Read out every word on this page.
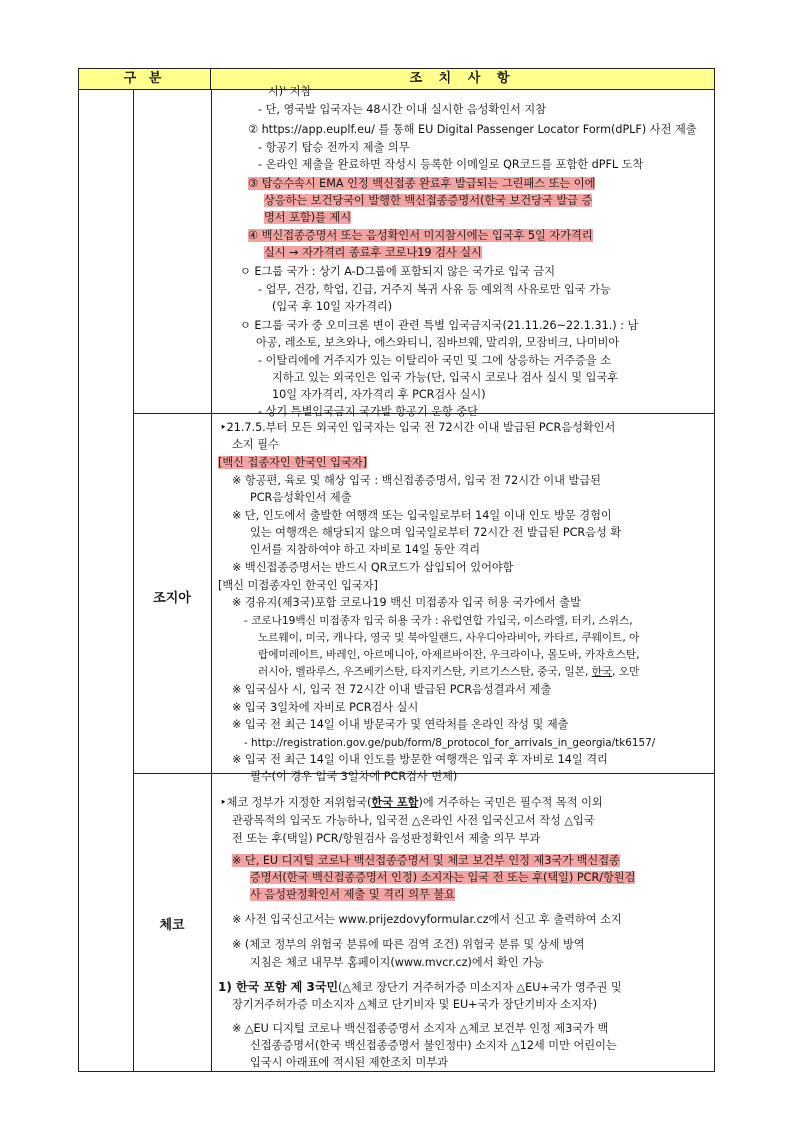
구 분	조 치 사 항
조지아
체코
시)' 지참
- 단, 영국발 입국자는 48시간 이내 실시한 음성확인서 지참
② https://app.euplf.eu/ 를 통해 EU Digital Passenger Locator Form(dPLF) 사전 제출
- 항공기 탑승 전까지 제출 의무
- 온라인 제출을 완료하면 작성시 등록한 이메일로 QR코드를 포함한 dPFL 도착
③ 탑승수속시 EMA 인정 백신접종 완료후 발급되는 그린패스 또는 이에
상응하는 보건당국이 발행한 백신접종증명서(한국 보건당국 발급 증
명서 포함)를 제시
④ 백신접종증명서 또는 음성확인서 미지참시에는 입국후 5일 자가격리
실시 → 자가격리 종료후 코로나19 검사 실시
ㅇ E그룹 국가 : 상기 A-D그룹에 포함되지 않은 국가로 입국 금지
- 업무, 건강, 학업, 긴급, 거주지 복귀 사유 등 예외적 사유로만 입국 가능
(입국 후 10일 자가격리)
ㅇ E그룹 국가 중 오미크론 변이 관련 특별 입국금지국(21.11.26~22.1.31.) : 남
아공, 레소토, 보츠와나, 에스와티니, 짐바브웨, 말리위, 모잠비크, 나미비아
- 이탈리에에 거주지가 있는 이탈리아 국민 및 그에 상응하는 거주증을 소
지하고 있는 외국인은 입국 가능(단, 입국시 코로나 검사 실시 및 입국후
10일 자가격리, 자가격리 후 PCR검사 실시)
- 상기 특별입국금지 국가발 항공기 운항 중단
‣21.7.5.부터 모든 외국인 입국자는 입국 전 72시간 이내 발급된 PCR음성확인서
소지 필수
[백신 접종자인 한국인 입국자]
※ 항공편, 육로 및 해상 입국 : 백신접종증명서, 입국 전 72시간 이내 발급된
PCR음성확인서 제출
※ 단, 인도에서 출발한 여행객 또는 입국일로부터 14일 이내 인도 방문 경험이
있는 여행객은 해당되지 않으며 입국일로부터 72시간 전 발급된 PCR음성 확
인서를 지참하여야 하고 자비로 14일 동안 격리
※ 백신접종증명서는 반드시 QR코드가 삽입되어 있어야함
[백신 미접종자인 한국인 입국자]
※ 경유지(제3국)포함 코로나19 백신 미접종자 입국 허용 국가에서 출발
- 코로나19백신 미접종자 입국 허용 국가 : 유럽연합 가입국, 이스라엘, 터키, 스위스,
노르웨이, 미국, 캐나다, 영국 및 북아일랜드, 사우디아라비아, 카타르, 쿠웨이트, 아
랍에미레이트, 바레인, 아르메니아, 아제르바이잔, 우크라이나, 몰도바, 카자흐스탄,
러시아, 벨라루스, 우즈베키스탄, 타지키스탄, 키르기스스탄, 중국, 일본, 한국, 오만
※ 입국심사 시, 입국 전 72시간 이내 발급된 PCR음성결과서 제출
※ 입국 3일차에 자비로 PCR검사 실시
※ 입국 전 최근 14일 이내 방문국가 및 연락처를 온라인 작성 및 제출
- http://registration.gov.ge/pub/form/8_protocol_for_arrivals_in_georgia/tk6157/
※ 입국 전 최근 14일 이내 인도를 방문한 여행객은 입국 후 자비로 14일 격리
필수(이 경우 입국 3일차에 PCR검사 면제)
‣체코 정부가 지정한 저위험국(한국 포함)에 거주하는 국민은 필수적 목적 이외
관광목적의 입국도 가능하나, 입국전 △온라인 사전 입국신고서 작성 △입국
전 또는 후(택일) PCR/항원검사 음성판정확인서 제출 의무 부과
※ 단, EU 디지털 코로나 백신접종증명서 및 체코 보건부 인정 제3국가 백신접종
증명서(한국 백신접종증명서 인정) 소지자는 입국 전 또는 후(택일) PCR/항원검
사 음성판정확인서 제출 및 격리 의무 불요
※ 사전 입국신고서는 www.prijezdovyformular.cz에서 신고 후 출력하여 소지
※ (체코 정부의 위험국 분류에 따른 검역 조건) 위험국 분류 및 상세 방역
지침은 체코 내무부 홈페이지(www.mvcr.cz)에서 확인 가능
1) 한국 포함 제 3국민(△체코 장단기 거주허가증 미소지자 △EU+국가 영주권 및
장기거주허가증 미소지자 △체코 단기비자 및 EU+국가 장단기비자 소지자)
※ △EU 디지털 코로나 백신접종증명서 소지자 △체코 보건부 인정 제3국가 백
신접종증명서(한국 백신접종증명서 불인정中) 소지자 △12세 미만 어린이는
입국시 아래표에 적시된 제한조치 미부과
